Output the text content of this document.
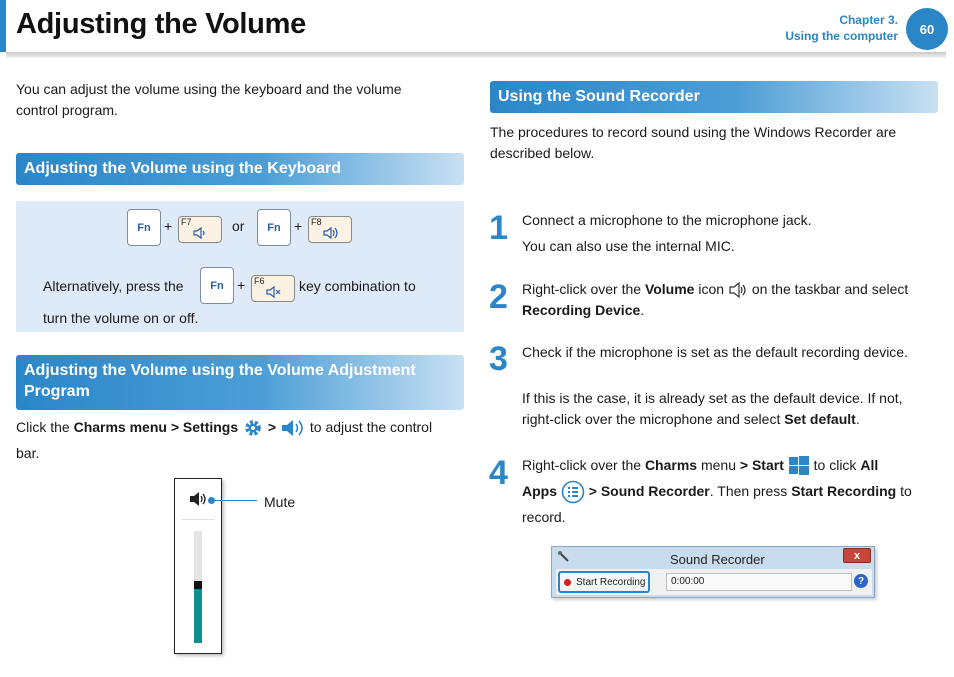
Adjusting the Volume	Chapter 3.
Using the computer	60
You can adjust the volume using the keyboard and the volume control program.
Adjusting the Volume using the Keyboard
Fn + F7	or	Fn + F8
Alternatively, press the	Fn + F6 key combination to
turn the volume on or off.
Adjusting the Volume using the Volume Adjustment Program
Click the Charms menu > Settings > to adjust the control
bar.
Mute
Using the Sound Recorder
The procedures to record sound using the Windows Recorder are described below.
1 Connect a microphone to the microphone jack.
You can also use the internal MIC.
2 Right-click over the Volume icon on the taskbar and select Recording Device.
3 Check if the microphone is set as the default recording device.
If this is the case, it is already set as the default device. If not, right-click over the microphone and select Set default.
4 Right-click over the Charms menu > Start to click All
Apps > Sound Recorder. Then press Start Recording to
record.
Sound Recorder	x
Start Recording	0:00:00	?
